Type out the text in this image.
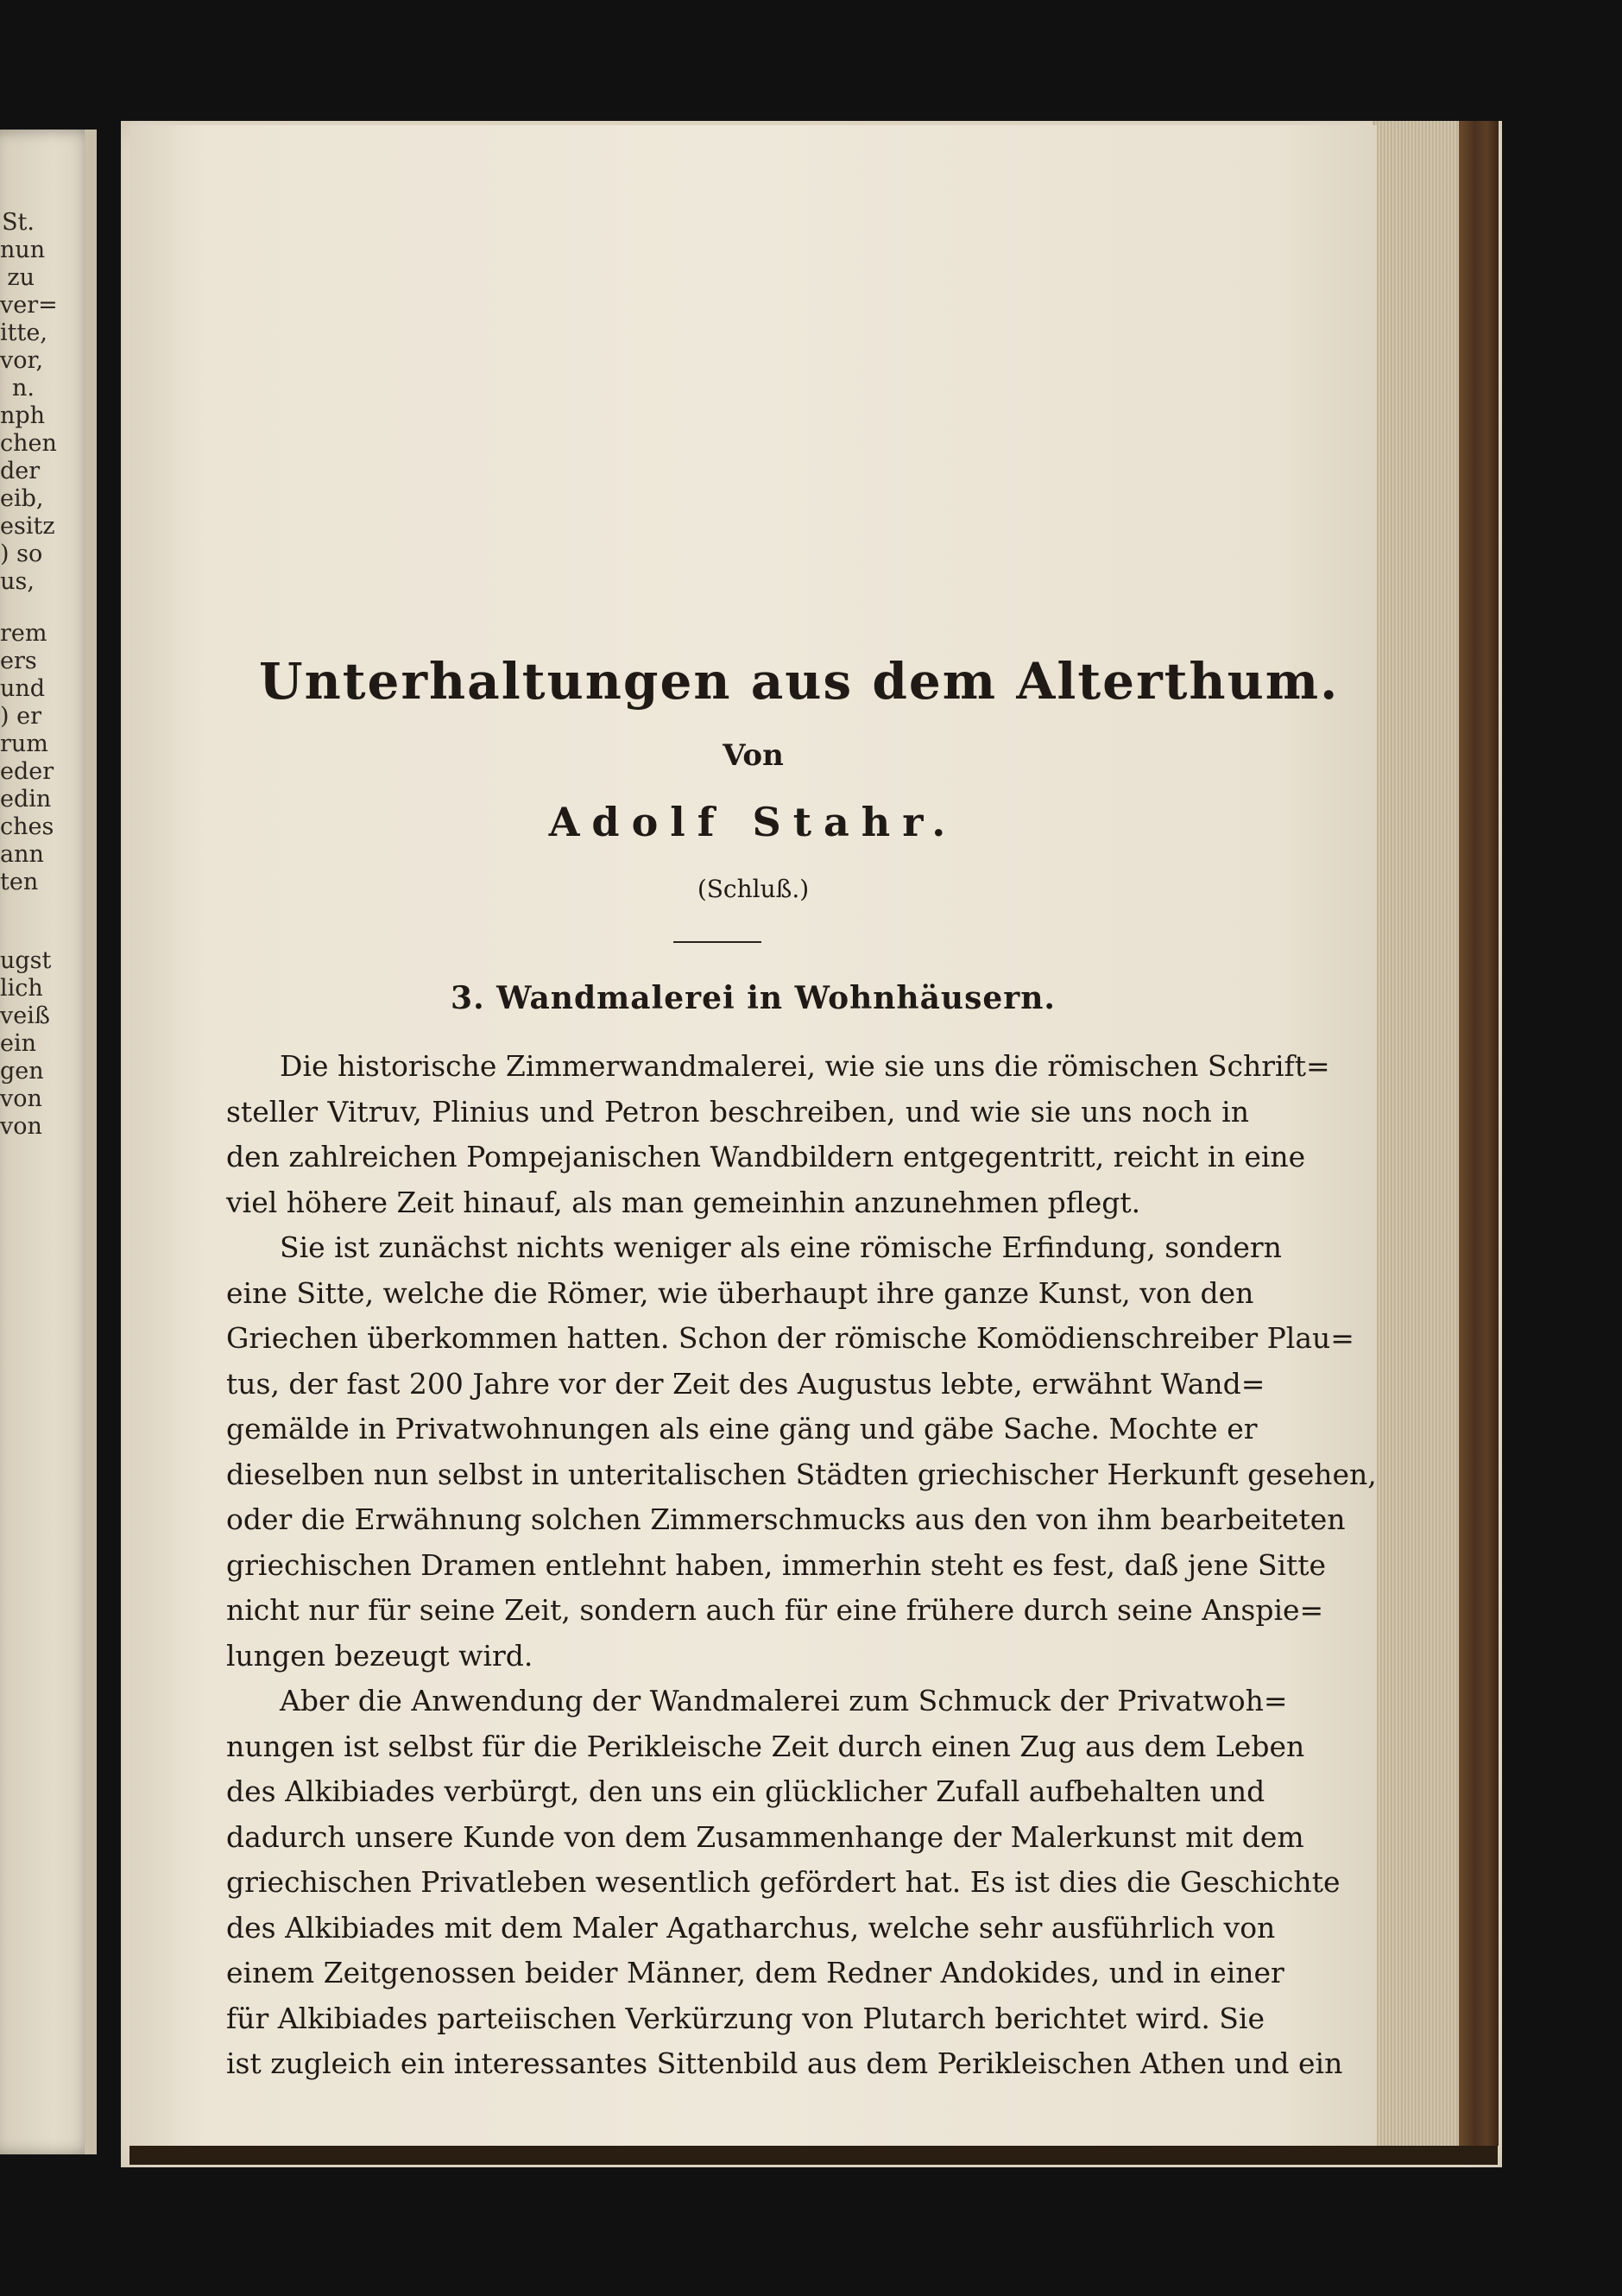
St.
nun
zu
ver=
itte,
vor,
n.
nph
chen
der
eib,
esitz
) so
us,
rem
ers
und
) er
rum
eder
edin
ches
ann
ten
ugst
lich
veiß
ein
gen
von
von
Unterhaltungen aus dem Alterthum.
Von
Adolf Stahr.
(Schluß.)
3. Wandmalerei in Wohnhäusern.
Die historische Zimmerwandmalerei, wie sie uns die römischen Schrift=
steller Vitruv, Plinius und Petron beschreiben, und wie sie uns noch in
den zahlreichen Pompejanischen Wandbildern entgegentritt, reicht in eine
viel höhere Zeit hinauf, als man gemeinhin anzunehmen pflegt.
Sie ist zunächst nichts weniger als eine römische Erfindung, sondern
eine Sitte, welche die Römer, wie überhaupt ihre ganze Kunst, von den
Griechen überkommen hatten. Schon der römische Komödienschreiber Plau=
tus, der fast 200 Jahre vor der Zeit des Augustus lebte, erwähnt Wand=
gemälde in Privatwohnungen als eine gäng und gäbe Sache. Mochte er
dieselben nun selbst in unteritalischen Städten griechischer Herkunft gesehen,
oder die Erwähnung solchen Zimmerschmucks aus den von ihm bearbeiteten
griechischen Dramen entlehnt haben, immerhin steht es fest, daß jene Sitte
nicht nur für seine Zeit, sondern auch für eine frühere durch seine Anspie=
lungen bezeugt wird.
Aber die Anwendung der Wandmalerei zum Schmuck der Privatwoh=
nungen ist selbst für die Perikleische Zeit durch einen Zug aus dem Leben
des Alkibiades verbürgt, den uns ein glücklicher Zufall aufbehalten und
dadurch unsere Kunde von dem Zusammenhange der Malerkunst mit dem
griechischen Privatleben wesentlich gefördert hat. Es ist dies die Geschichte
des Alkibiades mit dem Maler Agatharchus, welche sehr ausführlich von
einem Zeitgenossen beider Männer, dem Redner Andokides, und in einer
für Alkibiades parteiischen Verkürzung von Plutarch berichtet wird. Sie
ist zugleich ein interessantes Sittenbild aus dem Perikleischen Athen und ein
